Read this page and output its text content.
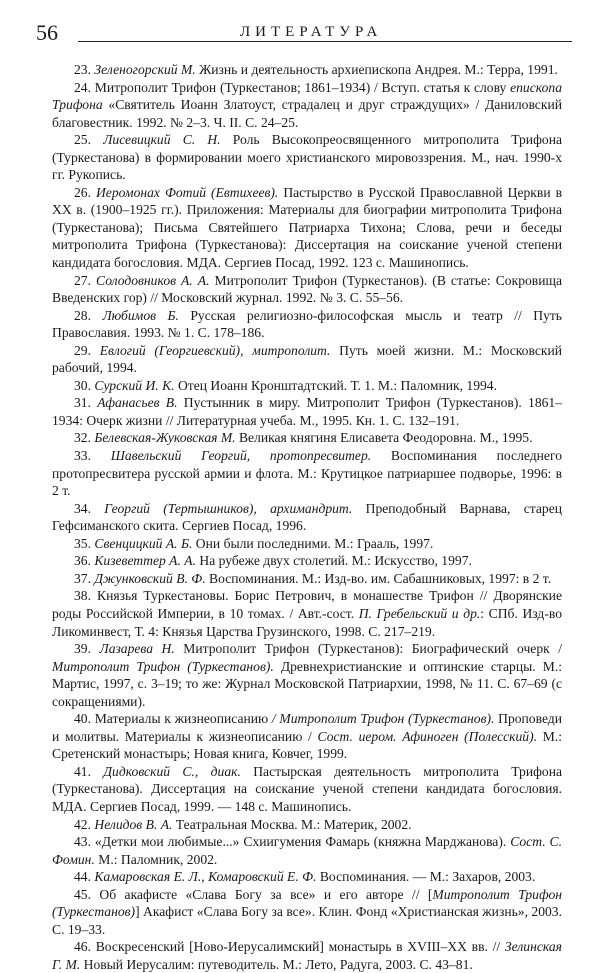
56	ЛИТЕРАТУРА

23. Зеленогорский М. Жизнь и деятельность архиепископа Андрея. М.: Терра, 1991.

24. Митрополит Трифон (Туркестанов; 1861–1934) / Вступ. статья к слову епископа Трифона «Святитель Иоанн Златоуст, страдалец и друг страждущих» / Даниловский благовестник. 1992. № 2–3. Ч. II. С. 24–25.

25. Лисевицкий С. Н. Роль Высокопреосвященного митрополита Трифона (Туркестанова) в формировании моего христианского мировоззрения. М., нач. 1990-х гг. Рукопись.

26. Иеромонах Фотий (Евтихеев). Пастырство в Русской Православной Церкви в XX в. (1900–1925 гг.). Приложения: Материалы для биографии митрополита Трифона (Туркестанова); Письма Святейшего Патриарха Тихона; Слова, речи и беседы митрополита Трифона (Туркестанова): Диссертация на соискание ученой степени кандидата богословия. МДА. Сергиев Посад, 1992. 123 с. Машинопись.

27. Солодовников А. А. Митрополит Трифон (Туркестанов). (В статье: Сокровища Введенских гор) // Московский журнал. 1992. № 3. С. 55–56.

28. Любимов Б. Русская религиозно-философская мысль и театр // Путь Православия. 1993. № 1. С. 178–186.

29. Евлогий (Георгиевский), митрополит. Путь моей жизни. М.: Московский рабочий, 1994.

30. Сурский И. К. Отец Иоанн Кронштадтский. Т. 1. М.: Паломник, 1994.

31. Афанасьев В. Пустынник в миру. Митрополит Трифон (Туркестанов). 1861–1934: Очерк жизни // Литературная учеба. М., 1995. Кн. 1. С. 132–191.

32. Белевская-Жуковская М. Великая княгиня Елисавета Феодоровна. М., 1995.

33. Шавельский Георгий, протопресвитер. Воспоминания последнего протопресвитера русской армии и флота. М.: Крутицкое патриаршее подворье, 1996: в 2 т.

34. Георгий (Тертышников), архимандрит. Преподобный Варнава, старец Гефсиманского скита. Сергиев Посад, 1996.

35. Свенцицкий А. Б. Они были последними. М.: Грааль, 1997.

36. Кизеветтер А. А. На рубеже двух столетий. М.: Искусство, 1997.

37. Джунковский В. Ф. Воспоминания. М.: Изд-во. им. Сабашниковых, 1997: в 2 т.

38. Князья Туркестановы. Борис Петрович, в монашестве Трифон // Дворянские роды Российской Империи, в 10 томах. / Авт.-сост. П. Гребельский и др.: СПб. Изд-во Ликоминвест, Т. 4: Князья Царства Грузинского, 1998. С. 217–219.

39. Лазарева Н. Митрополит Трифон (Туркестанов): Биографический очерк / Митрополит Трифон (Туркестанов). Древнехристианские и оптинские старцы. М.: Мартис, 1997, с. 3–19; то же: Журнал Московской Патриархии, 1998, № 11. С. 67–69 (с сокращениями).

40. Материалы к жизнеописанию / Митрополит Трифон (Туркестанов). Проповеди и молитвы. Материалы к жизнеописанию / Сост. иером. Афиноген (Полесский). М.: Сретенский монастырь; Новая книга, Ковчег, 1999.

41. Дидковский С., диак. Пастырская деятельность митрополита Трифона (Туркестанова). Диссертация на соискание ученой степени кандидата богословия. МДА. Сергиев Посад, 1999. — 148 с. Машинопись.

42. Нелидов В. А. Театральная Москва. М.: Материк, 2002.

43. «Детки мои любимые...» Схиигумения Фамарь (княжна Марджанова). Сост. С. Фомин. М.: Паломник, 2002.

44. Камаровская Е. Л., Комаровский Е. Ф. Воспоминания. — М.: Захаров, 2003.

45. Об акафисте «Слава Богу за все» и его авторе // [Митрополит Трифон (Туркестанов)] Акафист «Слава Богу за все». Клин. Фонд «Христианская жизнь», 2003. С. 19–33.

46. Воскресенский [Ново-Иерусалимский] монастырь в XVIII–XX вв. // Зелинская Г. М. Новый Иерусалим: путеводитель. М.: Лето, Радуга, 2003. С. 43–81.
